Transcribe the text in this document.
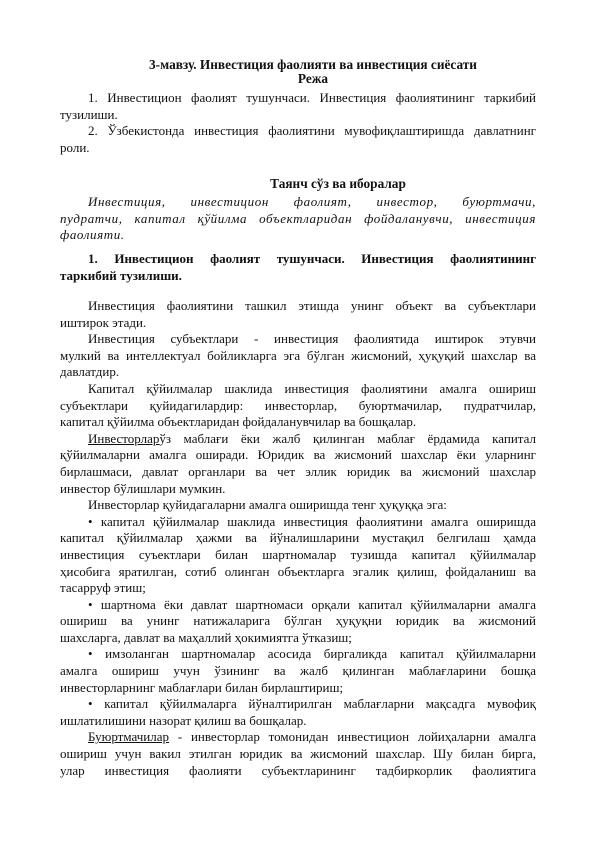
3-мавзу. Инвестиция фаолияти ва инвестиция сиёсати
Режа

1. Инвестицион фаолият тушунчаси. Инвестиция фаолиятининг таркибий

тузилиши.

2. Ўзбекистонда инвестиция фаолиятини мувофиқлаштиришда давлатнинг

роли.

Таянч сўз ва иборалар

Инвестиция, инвестицион фаолият, инвестор, буюртмачи,

пудратчи, капитал қўйилма объектларидан фойдаланувчи, инвестиция

фаолияти.

1. Инвестицион фаолият тушунчаси. Инвестиция фаолиятининг

таркибий тузилиши.

Инвестиция фаолиятини ташкил этишда унинг объект ва субъектлари

иштирок этади.

Инвестиция субъектлари - инвестиция фаолиятида иштирок этувчи

мулкий ва интеллектуал бойликларга эга бўлган жисмоний, ҳуқуқий шахслар ва

давлатдир.

Капитал қўйилмалар шаклида инвестиция фаолиятини амалга ошириш

субъектлари қуйидагилардир: инвесторлар, буюртмачилар, пудратчилар,

капитал қўйилма объектларидан фойдаланувчилар ва бошқалар.

Инвесторларўз маблағи ёки жалб қилинган маблағ ёрдамида капитал

қўйилмаларни амалга оширади. Юридик ва жисмоний шахслар ёки уларнинг

бирлашмаси, давлат органлари ва чет эллик юридик ва жисмоний шахслар

инвестор бўлишлари мумкин.

Инвесторлар қуйидагаларни амалга оширишда тенг ҳуқуққа эга:

• капитал қўйилмалар шаклида инвестиция фаолиятини амалга оширишда

капитал қўйилмалар ҳажми ва йўналишларини мустақил белгилаш ҳамда

инвестиция суъектлари билан шартномалар тузишда капитал қўйилмалар

ҳисобига яратилган, сотиб олинган объектларга эгалик қилиш, фойдаланиш ва

тасарруф этиш;

• шартнома ёки давлат шартномаси орқали капитал қўйилмаларни амалга

ошириш ва унинг натижаларига бўлган ҳуқуқни юридик ва жисмоний

шахсларга, давлат ва маҳаллий ҳокимиятга ўтказиш;

• имзоланган шартномалар асосида биргаликда капитал қўйилмаларни

амалга ошириш учун ўзининг ва жалб қилинган маблағларини бошқа

инвесторларнинг маблағлари билан бирлаштириш;

• капитал қўйилмаларга йўналтирилган маблағларни мақсадга мувофиқ

ишлатилишини назорат қилиш ва бошқалар.

Буюртмачилар - инвесторлар томонидан инвестицион лойиҳаларни амалга

ошириш учун вакил этилган юридик ва жисмоний шахслар. Шу билан бирга,

улар инвестиция фаолияти субъектларининг тадбиркорлик фаолиятига
